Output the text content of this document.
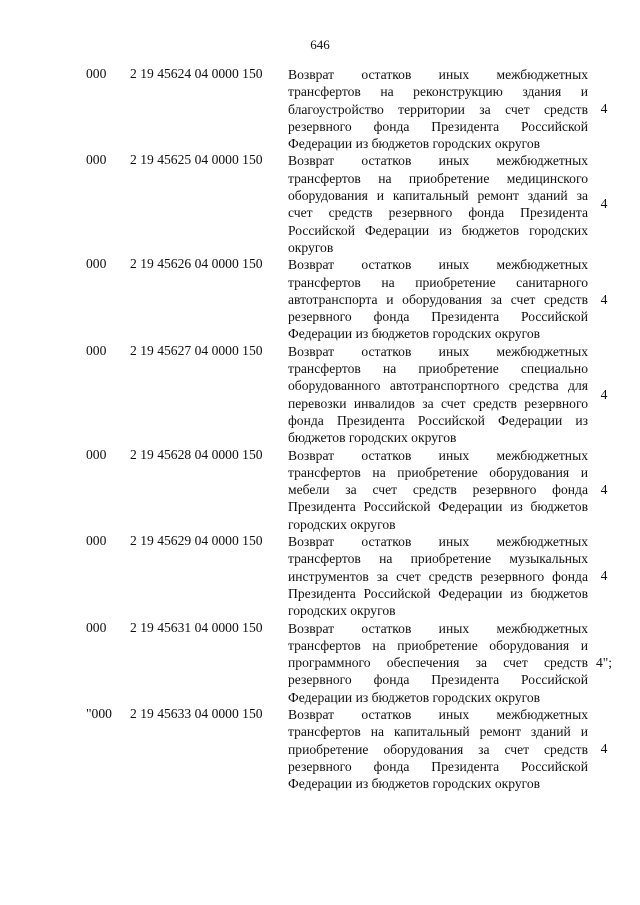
646
000 2 19 45624 04 0000 150 Возврат остатков иных межбюджетных трансфертов на реконструкцию здания и благоустройство территории за счет средств резервного фонда Президента Российской Федерации из бюджетов городских округов
4
000 2 19 45625 04 0000 150 Возврат остатков иных межбюджетных трансфертов на приобретение медицинского оборудования и капитальный ремонт зданий за счет средств резервного фонда Президента Российской Федерации из бюджетов городских округов
4
000 2 19 45626 04 0000 150 Возврат остатков иных межбюджетных трансфертов на приобретение санитарного автотранспорта и оборудования за счет средств резервного фонда Президента Российской Федерации из бюджетов городских округов
4
000 2 19 45627 04 0000 150 Возврат остатков иных межбюджетных трансфертов на приобретение специально оборудованного автотранспортного средства для перевозки инвалидов за счет средств резервного фонда Президента Российской Федерации из бюджетов городских округов
4
000 2 19 45628 04 0000 150 Возврат остатков иных межбюджетных трансфертов на приобретение оборудования и мебели за счет средств резервного фонда Президента Российской Федерации из бюджетов городских округов
4
000 2 19 45629 04 0000 150 Возврат остатков иных межбюджетных трансфертов на приобретение музыкальных инструментов за счет средств резервного фонда Президента Российской Федерации из бюджетов городских округов
4
000 2 19 45631 04 0000 150 Возврат остатков иных межбюджетных трансфертов на приобретение оборудования и программного обеспечения за счет средств резервного фонда Президента Российской Федерации из бюджетов городских округов
4";
"000 2 19 45633 04 0000 150 Возврат остатков иных межбюджетных трансфертов на капитальный ремонт зданий и приобретение оборудования за счет средств резервного фонда Президента Российской Федерации из бюджетов городских округов
4
